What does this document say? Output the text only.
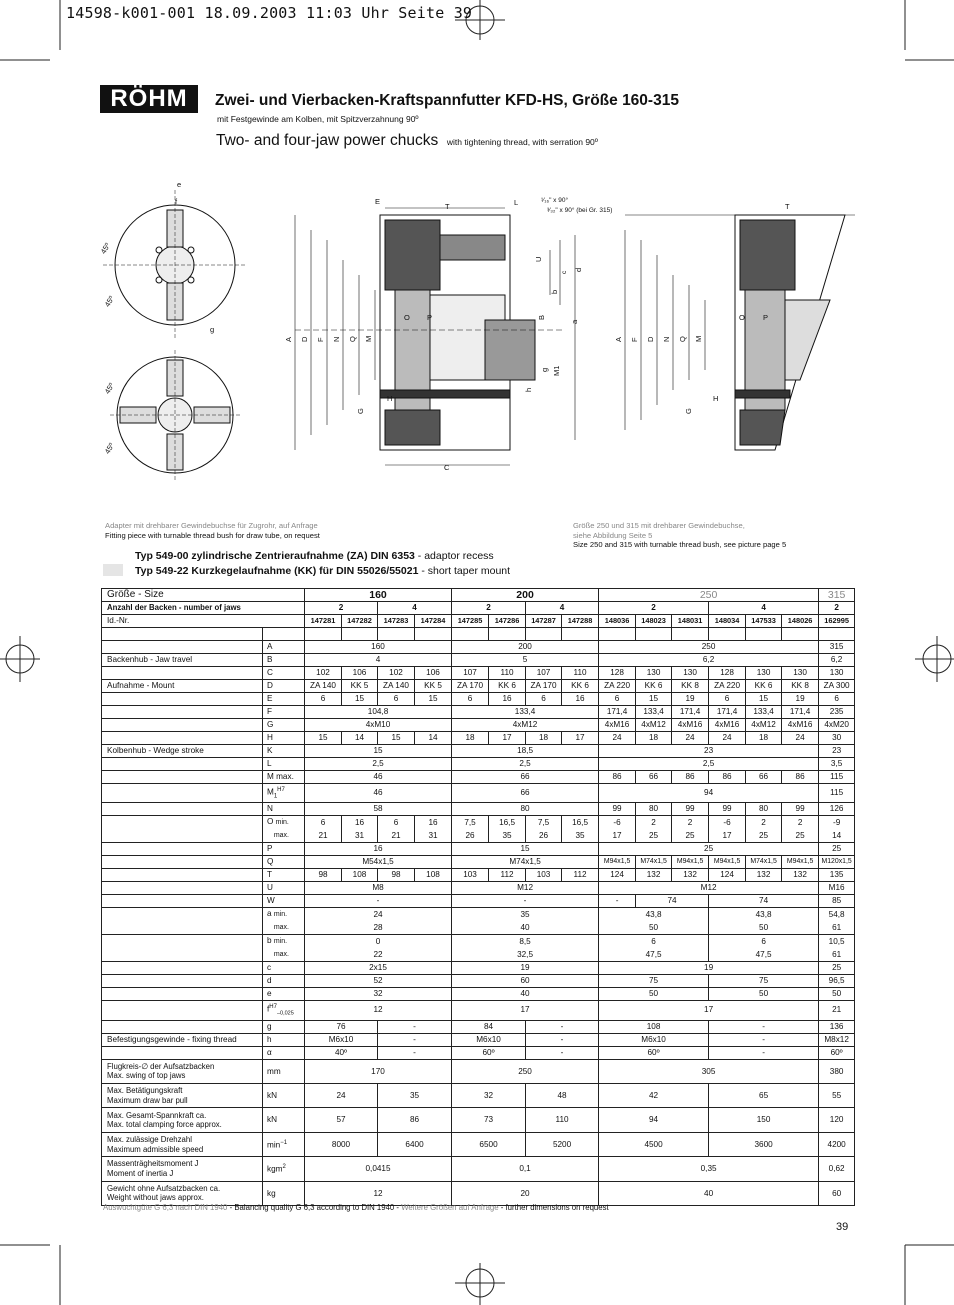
14598-k001-001 18.09.2003 11:03 Uhr Seite 39
RÖHM	Zwei- und Vierbacken-Kraftspannfutter KFD-HS, Größe 160-315
mit Festgewinde am Kolben, mit Spitzverzahnung 90º
Two- and four-jaw power chucks with tightening thread, with serration 90º
e
f
45º
45º
45º
45º
g
E
T	L	¹⁄₁₆" x 90°
³⁄₃₂" x 90° (bei Gr. 315)	T
U
c
d
b
B
a
O P
g M1
h
H
G
C
A D F N Q M	A F D N Q M
O P
G
H
Adapter mit drehbarer Gewindebuchse für Zugrohr, auf Anfrage
Fitting piece with turnable thread bush for draw tube, on request
Größe 250 und 315 mit drehbarer Gewindebuchse,
siehe Abbildung Seite 5
Size 250 and 315 with turnable thread bush, see picture page 5
Typ 549-00 zylindrische Zentrieraufnahme (ZA) DIN 6353 - adaptor recess
Typ 549-22 Kurzkegelaufnahme (KK) für DIN 55026/55021 - short taper mount
Größe - Size		160				200				250						315
Anzahl der Backen - number of jaws		2		4		2		4		2			4			2
Id.-Nr.		147281	147282	147283	147284	147285	147286	147287	147288	148036	148023	148031	148034	147533	148026	162995

	A	160				200				250						315
Backenhub - Jaw travel	B	4				5				6,2						6,2
	C	102	106	102	106	107	110	107	110	128	130	130	128	130	130	130
Aufnahme - Mount	D	ZA 140	KK 5	ZA 140	KK 5	ZA 170	KK 6	ZA 170	KK 6	ZA 220	KK 6	KK 8	ZA 220	KK 6	KK 8	ZA 300
	E	6	15	6	15	6	16	6	16	6	15	19	6	15	19	6
	F	104,8				133,4				171,4	133,4	171,4	171,4	133,4	171,4	235
	G	4xM10				4xM12				4xM16	4xM12	4xM16	4xM16	4xM12	4xM16	4xM20
	H	15	14	15	14	18	17	18	17	24	18	24	24	18	24	30
Kolbenhub - Wedge stroke	K	15				18,5				23						23
	L	2,5				2,5				2,5						3,5
	M max.	46				66				86	66	86	86	66	86	115
	$M_1^{H7}$	46				66				94						115
	N	58				80				99	80	99	99	80	99	126
	O min.	6	16	6	16	7,5	16,5	7,5	16,5	-6	2	2	-6	2	2	-9
	max.	21	31	21	31	26	35	26	35	17	25	25	17	25	25	14
	P	16				15				25						25
	Q	M54x1,5				M74x1,5				M94x1,5	M74x1,5	M94x1,5	M94x1,5	M74x1,5	M94x1,5	M120x1,5
	T	98	108	98	108	103	112	103	112	124	132	132	124	132	132	135
	U	M8				M12				M12						M16
	W	-				-				-	74		74			85
	a min.	24				35				43,8			43,8			54,8
	max.	28				40				50			50			61
	b min.	0				8,5				6			6			10,5
	max.	22				32,5				47,5			47,5			61
	c	2x15				19				19						25
	d	52				60				75			75			96,5
	e	32				40				50			50			50
	$f^{H7}_{-0,025}$	12				17				17						21
	g	76		-		84		-		108			-			136
Befestigungsgewinde - fixing thread	h	M6x10		-		M6x10		-		M6x10			-			M8x12
	α	40º		-		60º		-		60º			-			60º

Flugkreis-∅ der Aufsatzbacken
Max. swing of top jaws	mm	170				250				305						380

Max. Betätigungskraft
Maximum draw bar pull	kN	24		35		32		48		42			65			55

Max. Gesamt-Spannkraft ca.
Max. total clamping force approx.	kN	57		86		73		110		94			150			120

Max. zulässige Drehzahl
Maximum admissible speed	$\min^{-1}$	8000		6400		6500		5200		4500			3600			4200

Massenträgheitsmoment J
Moment of inertia J	kgm$^2$	0,0415				0,1				0,35						0,62

Gewicht ohne Aufsatzbacken ca.
Weight without jaws approx.	kg	12				20				40						60
Auswuchtgüte G 6,3 nach DIN 1940 - Balancing quality G 6,3 according to DIN 1940 - Weitere Größen auf Anfrage - further dimensions on request
39
